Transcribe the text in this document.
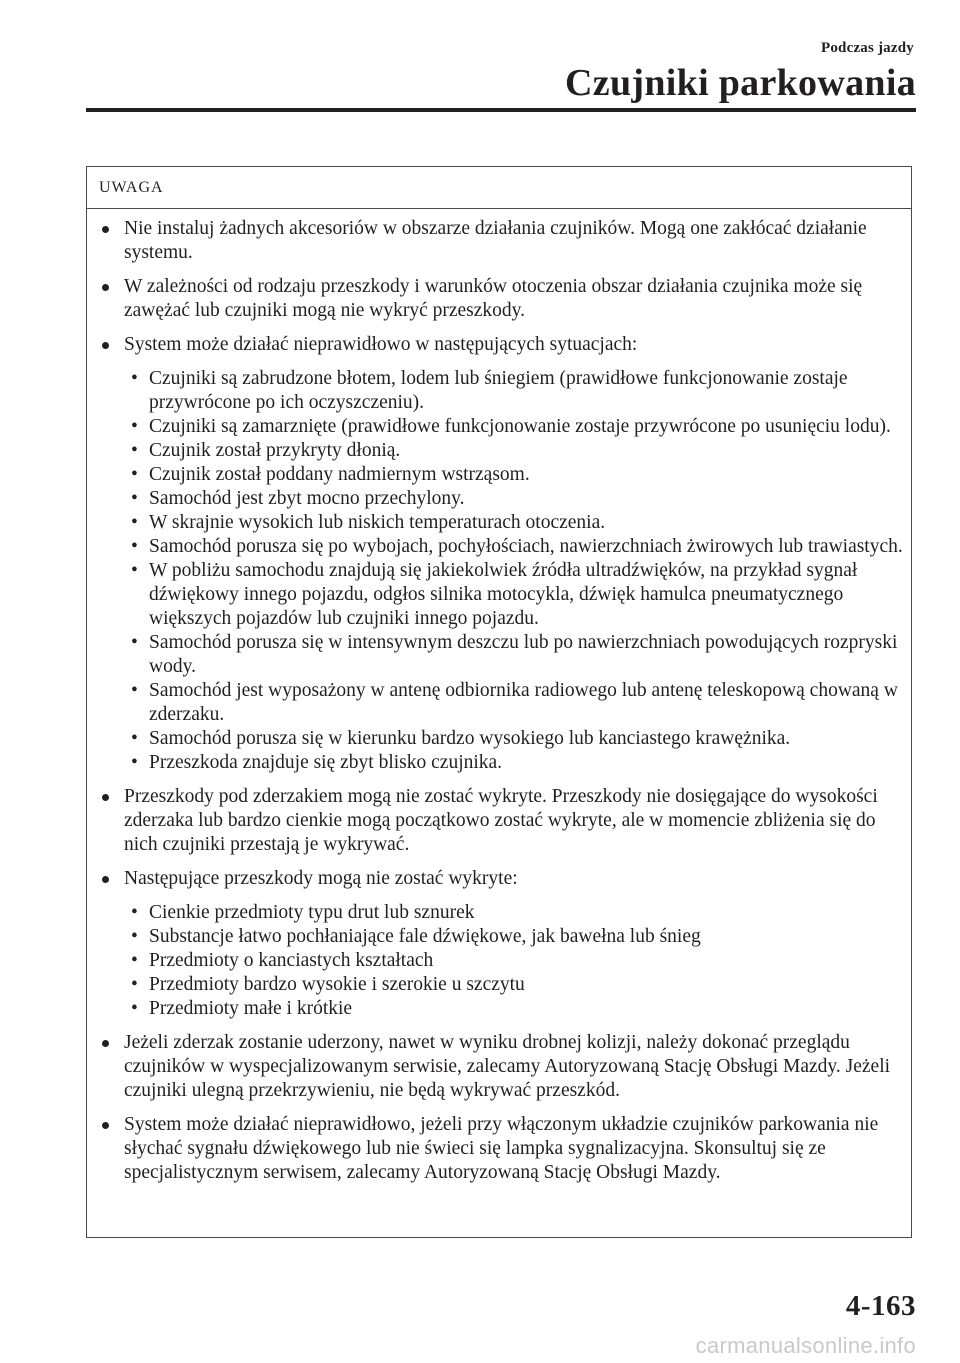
Podczas jazdy
Czujniki parkowania
UWAGA
Nie instaluj żadnych akcesoriów w obszarze działania czujników. Mogą one zakłócać działanie systemu.
W zależności od rodzaju przeszkody i warunków otoczenia obszar działania czujnika może się zawężać lub czujniki mogą nie wykryć przeszkody.
System może działać nieprawidłowo w następujących sytuacjach:
• Czujniki są zabrudzone błotem, lodem lub śniegiem (prawidłowe funkcjonowanie zostaje przywrócone po ich oczyszczeniu).
• Czujniki są zamarznięte (prawidłowe funkcjonowanie zostaje przywrócone po usunięciu lodu).
• Czujnik został przykryty dłonią.
• Czujnik został poddany nadmiernym wstrząsom.
• Samochód jest zbyt mocno przechylony.
• W skrajnie wysokich lub niskich temperaturach otoczenia.
• Samochód porusza się po wybojach, pochyłościach, nawierzchniach żwirowych lub trawiastych.
• W pobliżu samochodu znajdują się jakiekolwiek źródła ultradźwięków, na przykład sygnał dźwiękowy innego pojazdu, odgłos silnika motocykla, dźwięk hamulca pneumatycznego większych pojazdów lub czujniki innego pojazdu.
• Samochód porusza się w intensywnym deszczu lub po nawierzchniach powodujących rozpryski wody.
• Samochód jest wyposażony w antenę odbiornika radiowego lub antenę teleskopową chowaną w zderzaku.
• Samochód porusza się w kierunku bardzo wysokiego lub kanciastego krawężnika.
• Przeszkoda znajduje się zbyt blisko czujnika.
Przeszkody pod zderzakiem mogą nie zostać wykryte. Przeszkody nie dosięgające do wysokości zderzaka lub bardzo cienkie mogą początkowo zostać wykryte, ale w momencie zbliżenia się do nich czujniki przestają je wykrywać.
Następujące przeszkody mogą nie zostać wykryte:
• Cienkie przedmioty typu drut lub sznurek
• Substancje łatwo pochłaniające fale dźwiękowe, jak bawełna lub śnieg
• Przedmioty o kanciastych kształtach
• Przedmioty bardzo wysokie i szerokie u szczytu
• Przedmioty małe i krótkie
Jeżeli zderzak zostanie uderzony, nawet w wyniku drobnej kolizji, należy dokonać przeglądu czujników w wyspecjalizowanym serwisie, zalecamy Autoryzowaną Stację Obsługi Mazdy. Jeżeli czujniki ulegną przekrzywieniu, nie będą wykrywać przeszkód.
System może działać nieprawidłowo, jeżeli przy włączonym układzie czujników parkowania nie słychać sygnału dźwiękowego lub nie świeci się lampka sygnalizacyjna. Skonsultuj się ze specjalistycznym serwisem, zalecamy Autoryzowaną Stację Obsługi Mazdy.
4-163
carmanualsonline.info
